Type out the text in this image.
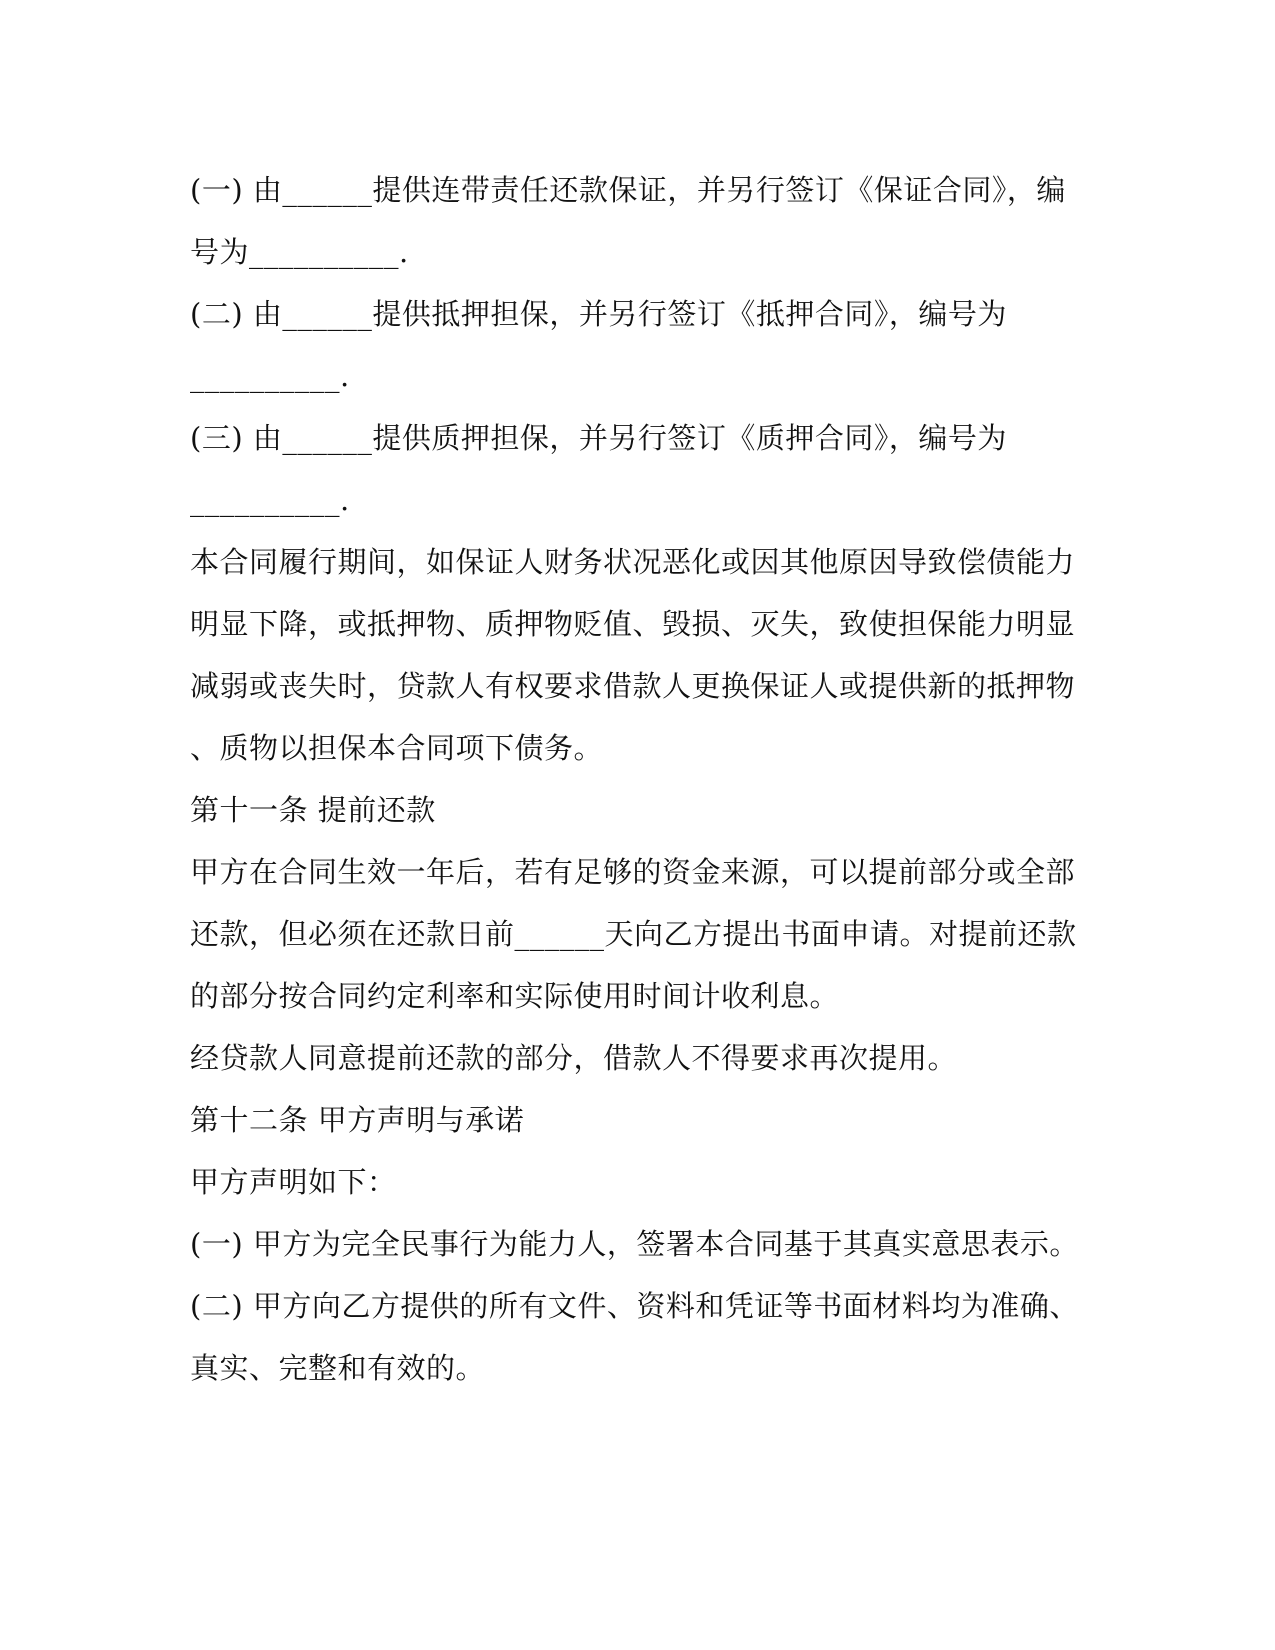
(一) 由______提供连带责任还款保证，并另行签订《保证合同》，编
号为__________.
(二) 由______提供抵押担保，并另行签订《抵押合同》，编号为
__________.
(三) 由______提供质押担保，并另行签订《质押合同》，编号为
__________.
本合同履行期间，如保证人财务状况恶化或因其他原因导致偿债能力
明显下降，或抵押物、质押物贬值、毁损、灭失，致使担保能力明显
减弱或丧失时，贷款人有权要求借款人更换保证人或提供新的抵押物
、质物以担保本合同项下债务。
第十一条 提前还款
甲方在合同生效一年后，若有足够的资金来源，可以提前部分或全部
还款，但必须在还款日前______天向乙方提出书面申请。对提前还款
的部分按合同约定利率和实际使用时间计收利息。
经贷款人同意提前还款的部分，借款人不得要求再次提用。
第十二条 甲方声明与承诺
甲方声明如下：
(一) 甲方为完全民事行为能力人，签署本合同基于其真实意思表示。
(二) 甲方向乙方提供的所有文件、资料和凭证等书面材料均为准确、
真实、完整和有效的。
